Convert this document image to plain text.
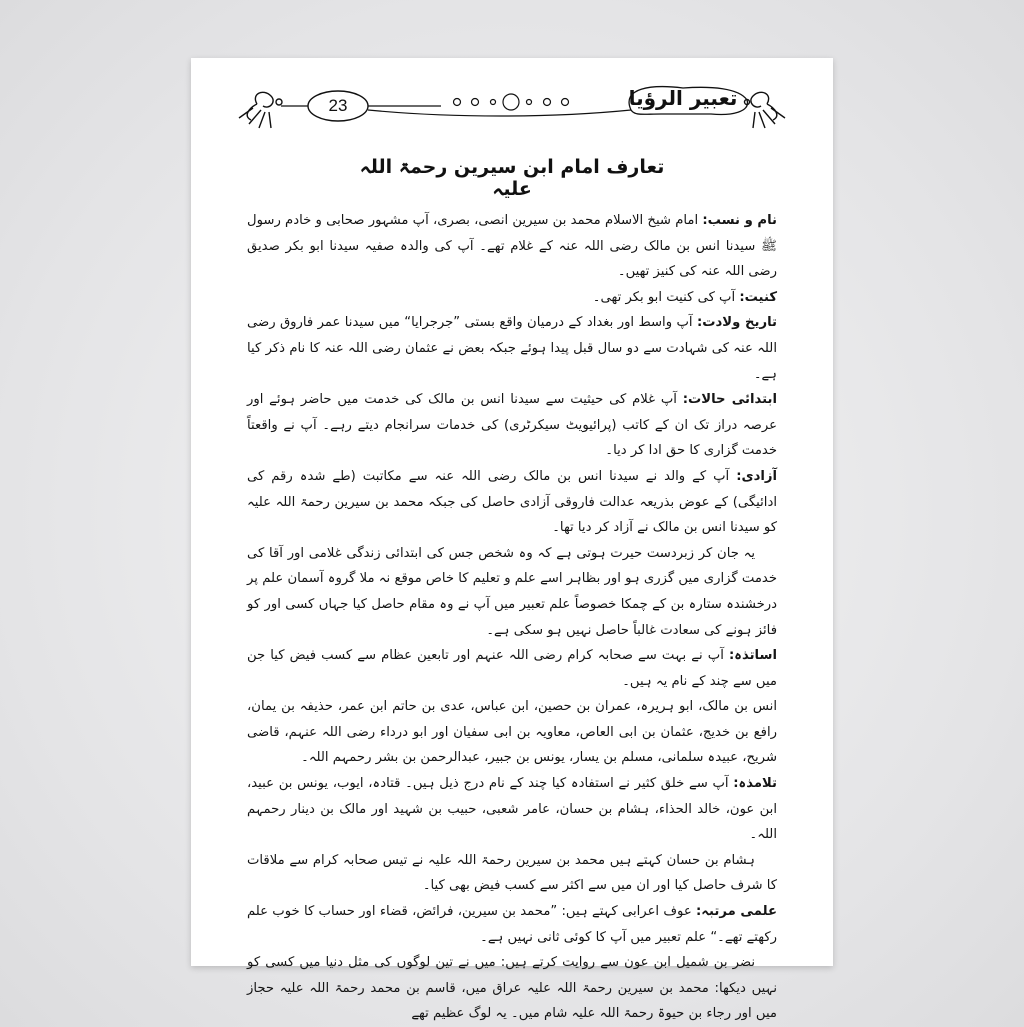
23	تعبیر الرؤیا
تعارف امام ابن سیرین رحمۃ اللہ علیہ

نام و نسب: امام شیخ الاسلام محمد بن سیرین انصی، بصری، آپ مشہور صحابی و خادم رسول ﷺ سیدنا انس بن مالک رضی اللہ عنہ کے غلام تھے۔ آپ کی والدہ صفیہ سیدنا ابو بکر صدیق رضی اللہ عنہ کی کنیز تھیں۔

کنیت: آپ کی کنیت ابو بکر تھی۔

تاریخ ولادت: آپ واسط اور بغداد کے درمیان واقع بستی ”جرجرایا“ میں سیدنا عمر فاروق رضی اللہ عنہ کی شہادت سے دو سال قبل پیدا ہوئے جبکہ بعض نے عثمان رضی اللہ عنہ کا نام ذکر کیا ہے۔

ابتدائی حالات: آپ غلام کی حیثیت سے سیدنا انس بن مالک کی خدمت میں حاضر ہوئے اور عرصہ دراز تک ان کے کاتب (پرائیویٹ سیکرٹری) کی خدمات سرانجام دیتے رہے۔ آپ نے واقعتاً خدمت گزاری کا حق ادا کر دیا۔

آزادی: آپ کے والد نے سیدنا انس بن مالک رضی اللہ عنہ سے مکاتبت (طے شدہ رقم کی ادائیگی) کے عوض بذریعہ عدالت فاروقی آزادی حاصل کی جبکہ محمد بن سیرین رحمۃ اللہ علیہ کو سیدنا انس بن مالک نے آزاد کر دیا تھا۔

یہ جان کر زبردست حیرت ہوتی ہے کہ وہ شخص جس کی ابتدائی زندگی غلامی اور آقا کی خدمت گزاری میں گزری ہو اور بظاہر اسے علم و تعلیم کا خاص موقع نہ ملا گروہ آسمان علم پر درخشندہ ستارہ بن کے چمکا خصوصاً علم تعبیر میں آپ نے وہ مقام حاصل کیا جہاں کسی اور کو فائز ہونے کی سعادت غالباً حاصل نہیں ہو سکی ہے۔

اساتذہ: آپ نے بہت سے صحابہ کرام رضی اللہ عنہم اور تابعین عظام سے کسب فیض کیا جن میں سے چند کے نام یہ ہیں۔

انس بن مالک، ابو ہریرہ، عمران بن حصین، ابن عباس، عدی بن حاتم ابن عمر، حذیفہ بن یمان، رافع بن خدیج، عثمان بن ابی العاص، معاویہ بن ابی سفیان اور ابو درداء رضی اللہ عنہم، قاضی شریح، عبیدہ سلمانی، مسلم بن یسار، یونس بن جبیر، عبدالرحمن بن بشر رحمہم اللہ۔

تلامذہ: آپ سے خلق کثیر نے استفادہ کیا چند کے نام درج ذیل ہیں۔ قتادہ، ایوب، یونس بن عبید، ابن عون، خالد الحذاء، ہشام بن حسان، عامر شعبی، حبیب بن شہید اور مالک بن دینار رحمہم اللہ۔

ہشام بن حسان کہتے ہیں محمد بن سیرین رحمۃ اللہ علیہ نے تیس صحابہ کرام سے ملاقات کا شرف حاصل کیا اور ان میں سے اکثر سے کسب فیض بھی کیا۔

علمی مرتبہ: عوف اعرابی کہتے ہیں: ”محمد بن سیرین، فرائض، قضاء اور حساب کا خوب علم رکھتے تھے۔“ علم تعبیر میں آپ کا کوئی ثانی نہیں ہے۔

نضر بن شمیل ابن عون سے روایت کرتے ہیں: میں نے تین لوگوں کی مثل دنیا میں کسی کو نہیں دیکھا: محمد بن سیرین رحمۃ اللہ علیہ عراق میں، قاسم بن محمد رحمۃ اللہ علیہ حجاز میں اور رجاء بن حیوۃ رحمۃ اللہ علیہ شام میں۔ یہ لوگ عظیم تھے
